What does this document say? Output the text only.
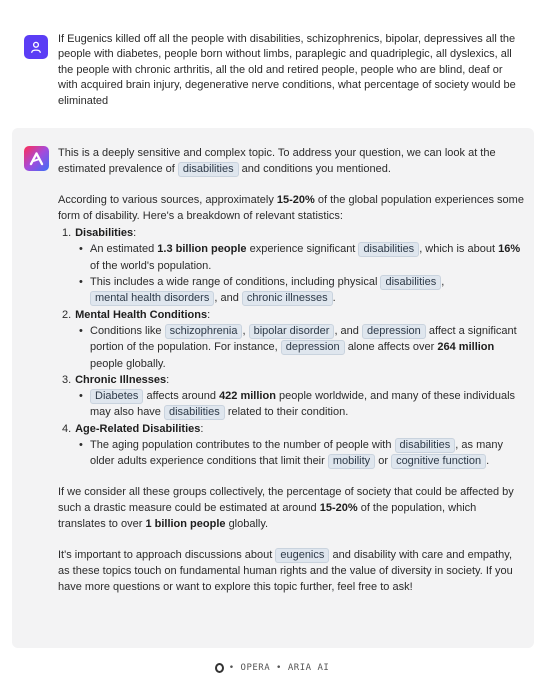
If Eugenics killed off all the people with disabilities, schizophrenics, bipolar, depressives all the people with diabetes, people born without limbs, paraplegic and quadriplegic, all dyslexics, all the people with chronic arthritis, all the old and retired people, people who are blind, deaf or with acquired brain injury, degenerative nerve conditions, what percentage of society would be eliminated

This is a deeply sensitive and complex topic. To address your question, we can look at the estimated prevalence of disabilities and conditions you mentioned.

According to various sources, approximately 15-20% of the global population experiences some form of disability. Here's a breakdown of relevant statistics:

1. Disabilities:
• An estimated 1.3 billion people experience significant disabilities , which is about 16% of the world's population.
• This includes a wide range of conditions, including physical disabilities , mental health disorders , and chronic illnesses .
2. Mental Health Conditions:
• Conditions like schizophrenia , bipolar disorder , and depression affect a significant portion of the population. For instance, depression alone affects over 264 million people globally.
3. Chronic Illnesses:
• Diabetes affects around 422 million people worldwide, and many of these individuals may also have disabilities related to their condition.
4. Age-Related Disabilities:
• The aging population contributes to the number of people with disabilities , as many older adults experience conditions that limit their mobility or cognitive function .

If we consider all these groups collectively, the percentage of society that could be affected by such a drastic measure could be estimated at around 15-20% of the population, which translates to over 1 billion people globally.

It's important to approach discussions about eugenics and disability with care and empathy, as these topics touch on fundamental human rights and the value of diversity in society. If you have more questions or want to explore this topic further, feel free to ask!

• OPERA • ARIA AI
